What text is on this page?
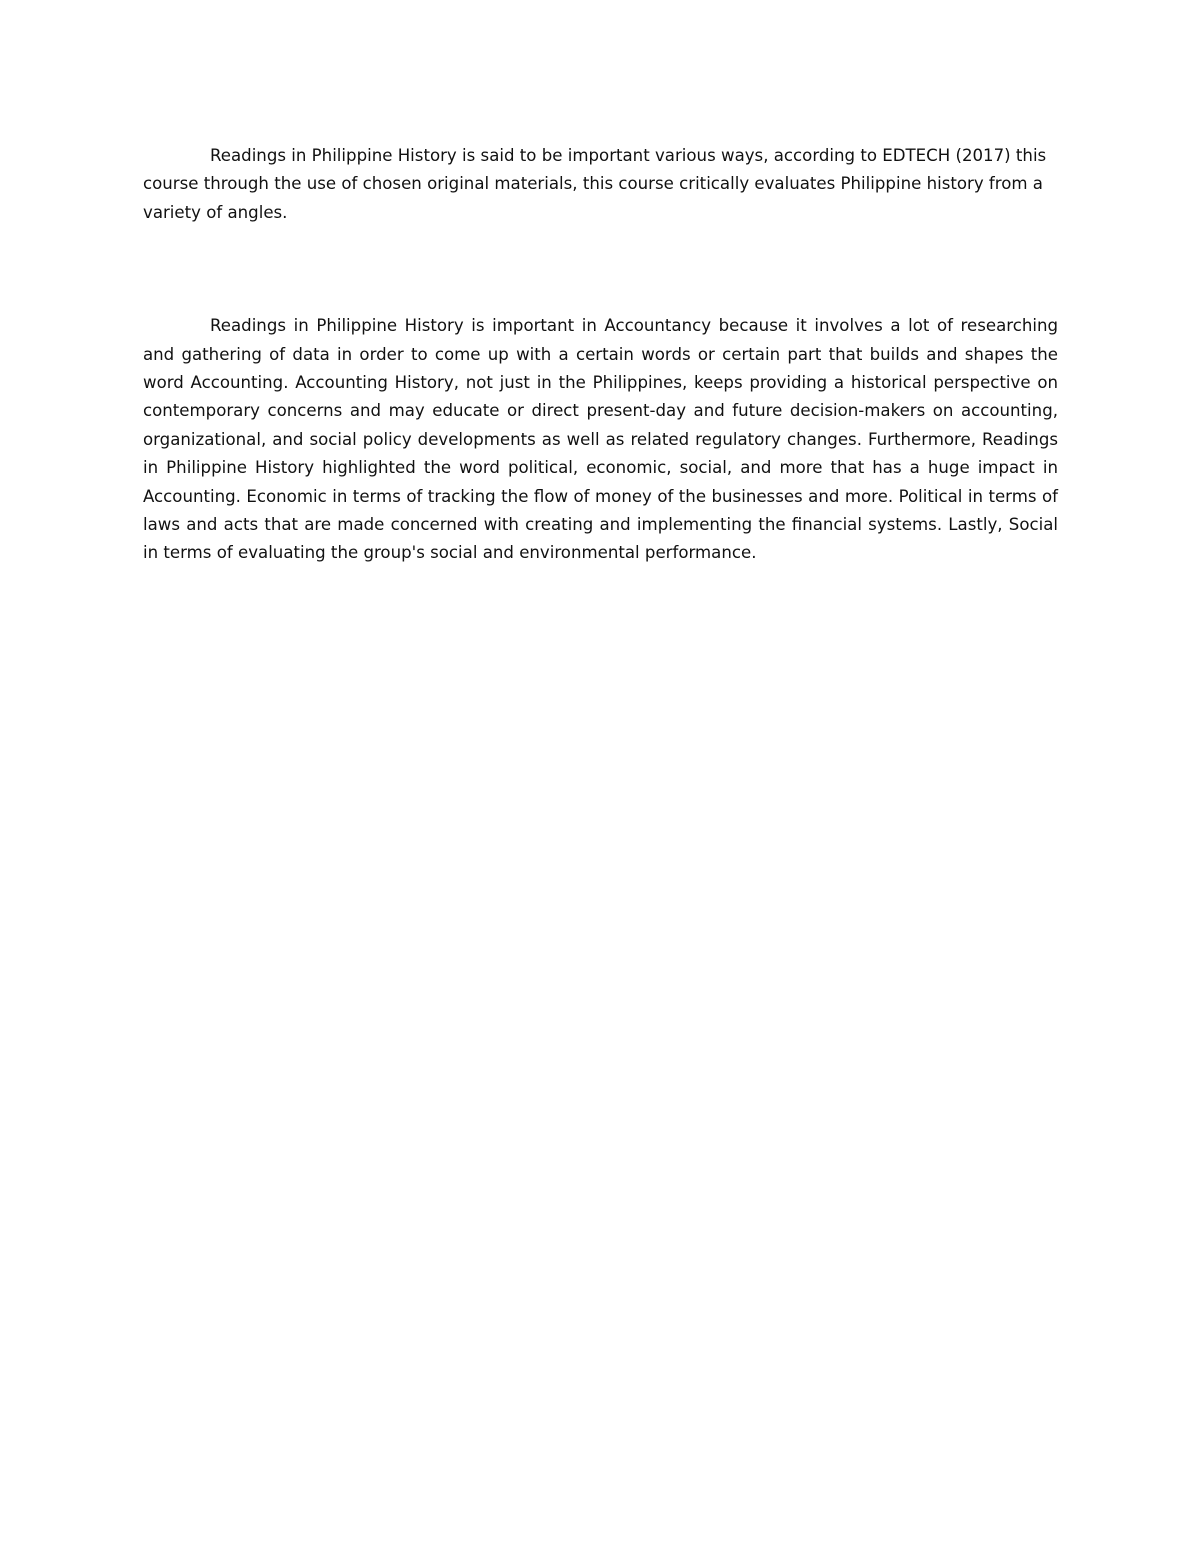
Readings in Philippine History is said to be important various ways, according to EDTECH (2017) this course through the use of chosen original materials, this course critically evaluates Philippine history from a variety of angles.

Readings in Philippine History is important in Accountancy because it involves a lot of researching and gathering of data in order to come up with a certain words or certain part that builds and shapes the word Accounting. Accounting History, not just in the Philippines, keeps providing a historical perspective on contemporary concerns and may educate or direct present-day and future decision-makers on accounting, organizational, and social policy developments as well as related regulatory changes. Furthermore, Readings in Philippine History highlighted the word political, economic, social, and more that has a huge impact in Accounting. Economic in terms of tracking the flow of money of the businesses and more. Political in terms of laws and acts that are made concerned with creating and implementing the financial systems. Lastly, Social in terms of evaluating the group's social and environmental performance.
